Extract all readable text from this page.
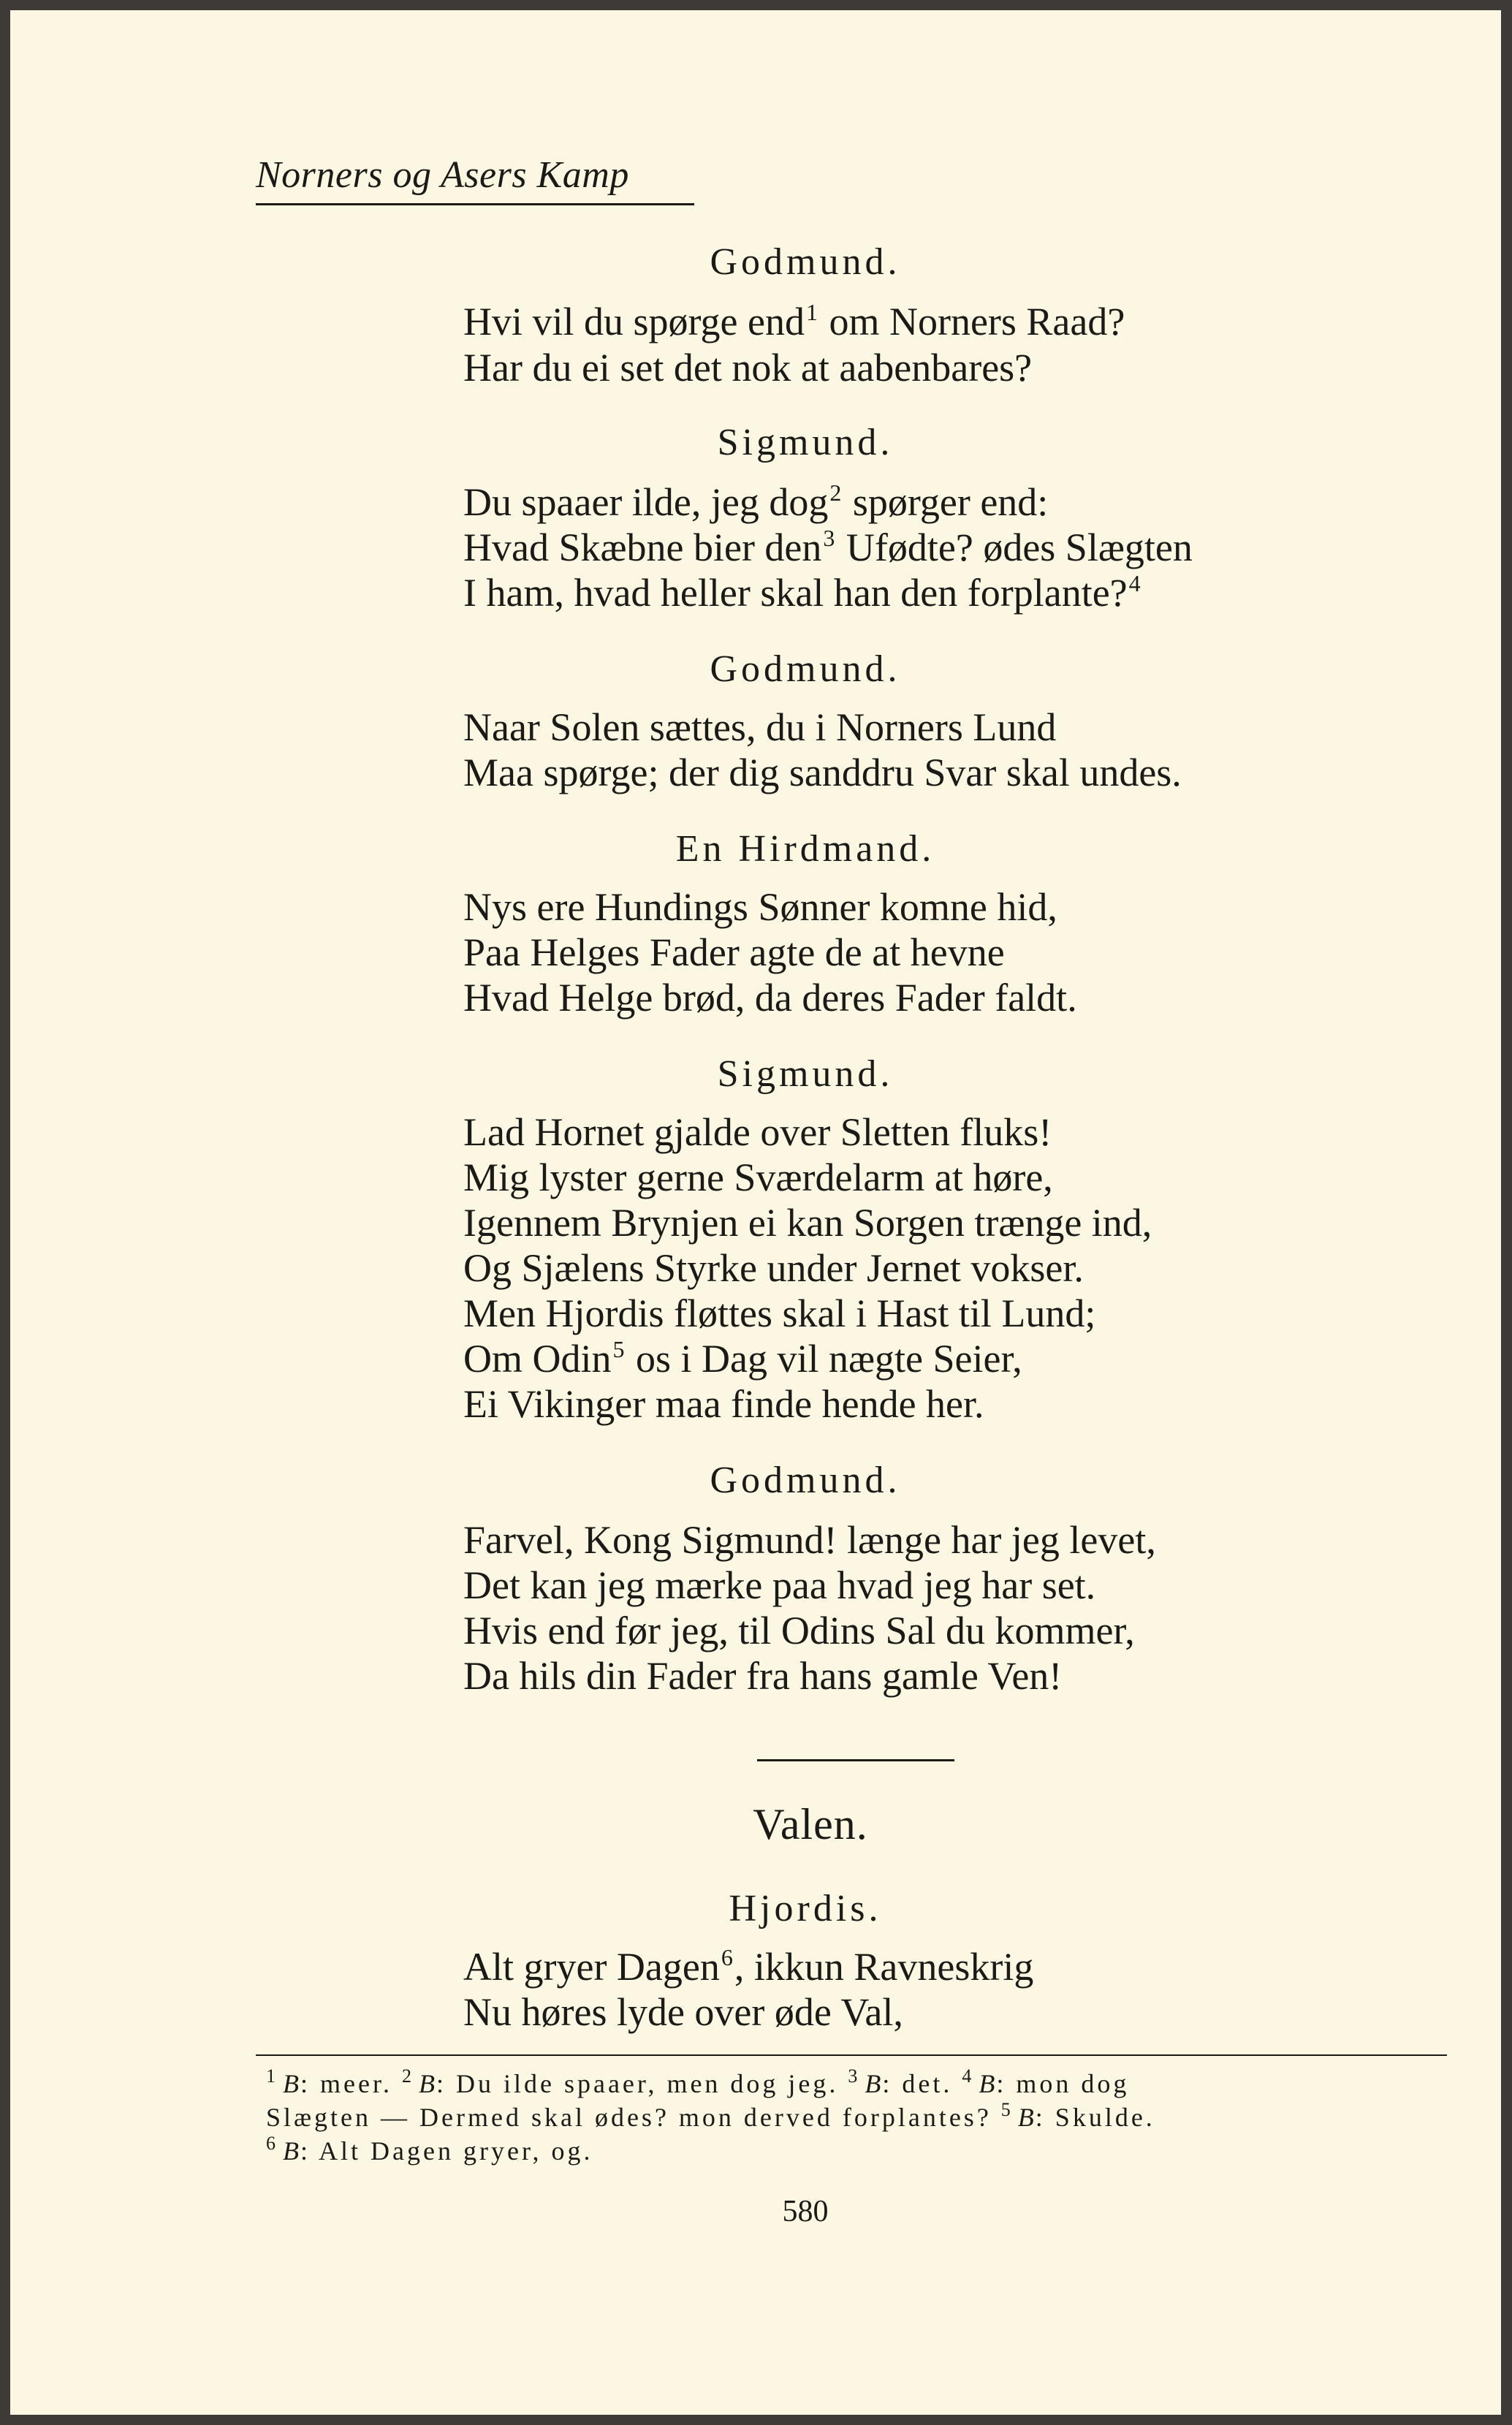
Norners og Asers Kamp
Godmund.
Hvi vil du spørge end$^1$ om Norners Raad?
Har du ei set det nok at aabenbares?
Sigmund.
Du spaaer ilde, jeg dog$^2$ spørger end:
Hvad Skæbne bier den$^3$ Ufødte? ødes Slægten
I ham, hvad heller skal han den forplante?$^4$
Godmund.
Naar Solen sættes, du i Norners Lund
Maa spørge; der dig sanddru Svar skal undes.
En Hirdmand.
Nys ere Hundings Sønner komne hid,
Paa Helges Fader agte de at hevne
Hvad Helge brød, da deres Fader faldt.
Sigmund.
Lad Hornet gjalde over Sletten fluks!
Mig lyster gerne Sværdelarm at høre,
Igennem Brynjen ei kan Sorgen trænge ind,
Og Sjælens Styrke under Jernet vokser.
Men Hjordis fløttes skal i Hast til Lund;
Om Odin$^5$ os i Dag vil nægte Seier,
Ei Vikinger maa finde hende her.
Godmund.
Farvel, Kong Sigmund! længe har jeg levet,
Det kan jeg mærke paa hvad jeg har set.
Hvis end før jeg, til Odins Sal du kommer,
Da hils din Fader fra hans gamle Ven!
Valen.
Hjordis.
Alt gryer Dagen$^6$, ikkun Ravneskrig
Nu høres lyde over øde Val,
$^1$ B: meer. $^2$ B: Du ilde spaaer, men dog jeg. $^3$ B: det. $^4$ B: mon dog
Slægten — Dermed skal ødes? mon derved forplantes? $^5$ B: Skulde.
$^6$ B: Alt Dagen gryer, og.
580
